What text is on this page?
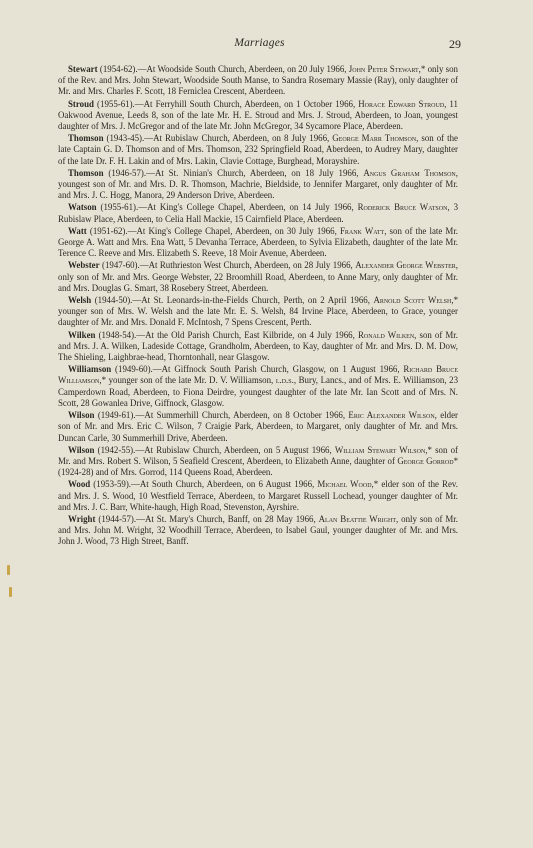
Marriages	29

Stewart (1954-62).—At Woodside South Church, Aberdeen, on 20 July 1966, John Peter Stewart,* only son of the Rev. and Mrs. John Stewart, Woodside South Manse, to Sandra Rosemary Massie (Ray), only daughter of Mr. and Mrs. Charles F. Scott, 18 Ferniclea Crescent, Aberdeen.

Stroud (1955-61).—At Ferryhill South Church, Aberdeen, on 1 October 1966, Horace Edward Stroud, 11 Oakwood Avenue, Leeds 8, son of the late Mr. H. E. Stroud and Mrs. J. Stroud, Aberdeen, to Joan, youngest daughter of Mrs. J. McGregor and of the late Mr. John McGregor, 34 Sycamore Place, Aberdeen.

Thomson (1943-45).—At Rubislaw Church, Aberdeen, on 8 July 1966, George Marr Thomson, son of the late Captain G. D. Thomson and of Mrs. Thomson, 232 Springfield Road, Aberdeen, to Audrey Mary, daughter of the late Dr. F. H. Lakin and of Mrs. Lakin, Clavie Cottage, Burghead, Morayshire.

Thomson (1946-57).—At St. Ninian's Church, Aberdeen, on 18 July 1966, Angus Graham Thomson, youngest son of Mr. and Mrs. D. R. Thomson, Machrie, Bieldside, to Jennifer Margaret, only daughter of Mr. and Mrs. J. C. Hogg, Manora, 29 Anderson Drive, Aberdeen.

Watson (1955-61).—At King's College Chapel, Aberdeen, on 14 July 1966, Roderick Bruce Watson, 3 Rubislaw Place, Aberdeen, to Celia Hall Mackie, 15 Cairnfield Place, Aberdeen.

Watt (1951-62).—At King's College Chapel, Aberdeen, on 30 July 1966, Frank Watt, son of the late Mr. George A. Watt and Mrs. Ena Watt, 5 Devanha Terrace, Aberdeen, to Sylvia Elizabeth, daughter of the late Mr. Terence C. Reeve and Mrs. Elizabeth S. Reeve, 18 Moir Avenue, Aberdeen.

Webster (1947-60).—At Ruthrieston West Church, Aberdeen, on 28 July 1966, Alexander George Webster, only son of Mr. and Mrs. George Webster, 22 Broomhill Road, Aberdeen, to Anne Mary, only daughter of Mr. and Mrs. Douglas G. Smart, 38 Rosebery Street, Aberdeen.

Welsh (1944-50).—At St. Leonards-in-the-Fields Church, Perth, on 2 April 1966, Arnold Scott Welsh,* younger son of Mrs. W. Welsh and the late Mr. E. S. Welsh, 84 Irvine Place, Aberdeen, to Grace, younger daughter of Mr. and Mrs. Donald F. McIntosh, 7 Spens Crescent, Perth.

Wilken (1948-54).—At the Old Parish Church, East Kilbride, on 4 July 1966, Ronald Wilken, son of Mr. and Mrs. J. A. Wilken, Ladeside Cottage, Grandholm, Aberdeen, to Kay, daughter of Mr. and Mrs. D. M. Dow, The Shieling, Laighbrae-head, Thorntonhall, near Glasgow.

Williamson (1949-60).—At Giffnock South Parish Church, Glasgow, on 1 August 1966, Richard Bruce Williamson,* younger son of the late Mr. D. V. Williamson, l.d.s., Bury, Lancs., and of Mrs. E. Williamson, 23 Camperdown Road, Aberdeen, to Fiona Deirdre, youngest daughter of the late Mr. Ian Scott and of Mrs. N. Scott, 28 Gowanlea Drive, Giffnock, Glasgow.

Wilson (1949-61).—At Summerhill Church, Aberdeen, on 8 October 1966, Eric Alexander Wilson, elder son of Mr. and Mrs. Eric C. Wilson, 7 Craigie Park, Aberdeen, to Margaret, only daughter of Mr. and Mrs. Duncan Carle, 30 Summerhill Drive, Aberdeen.

Wilson (1942-55).—At Rubislaw Church, Aberdeen, on 5 August 1966, William Stewart Wilson,* son of Mr. and Mrs. Robert S. Wilson, 5 Seafield Crescent, Aberdeen, to Elizabeth Anne, daughter of George Gorrod* (1924-28) and of Mrs. Gorrod, 114 Queens Road, Aberdeen.

Wood (1953-59).—At South Church, Aberdeen, on 6 August 1966, Michael Wood,* elder son of the Rev. and Mrs. J. S. Wood, 10 Westfield Terrace, Aberdeen, to Margaret Russell Lochead, younger daughter of Mr. and Mrs. J. C. Barr, White-haugh, High Road, Stevenston, Ayrshire.

Wright (1944-57).—At St. Mary's Church, Banff, on 28 May 1966, Alan Beattie Wright, only son of Mr. and Mrs. John M. Wright, 32 Woodhill Terrace, Aberdeen, to Isabel Gaul, younger daughter of Mr. and Mrs. John J. Wood, 73 High Street, Banff.
